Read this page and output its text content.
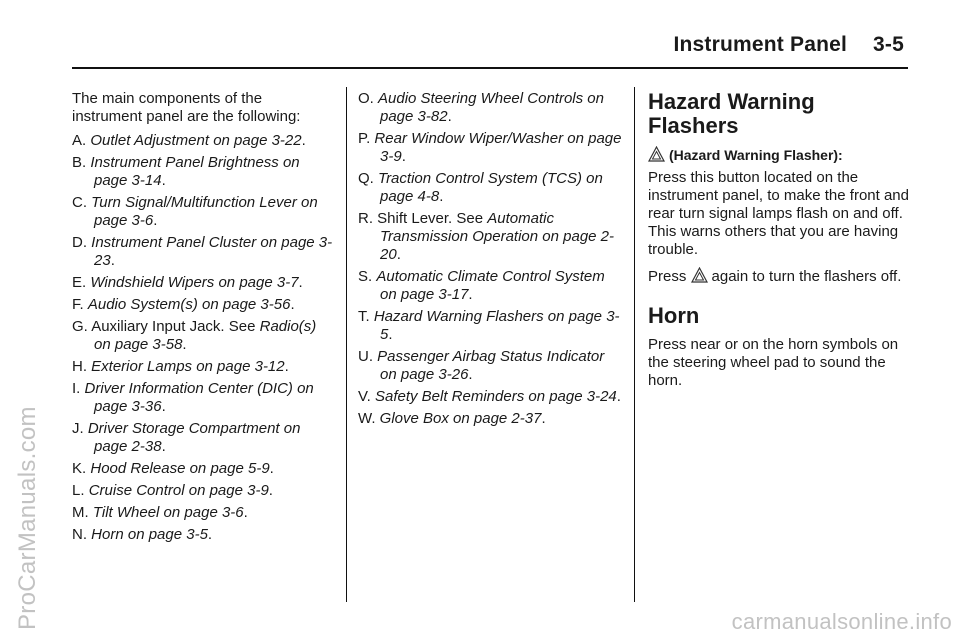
Instrument Panel 3-5
The main components of the instrument panel are the following:
A. Outlet Adjustment on page 3-22.
B. Instrument Panel Brightness on page 3-14.
C. Turn Signal/Multifunction Lever on page 3-6.
D. Instrument Panel Cluster on page 3-23.
E. Windshield Wipers on page 3-7.
F. Audio System(s) on page 3-56.
G. Auxiliary Input Jack. See Radio(s) on page 3-58.
H. Exterior Lamps on page 3-12.
I. Driver Information Center (DIC) on page 3-36.
J. Driver Storage Compartment on page 2-38.
K. Hood Release on page 5-9.
L. Cruise Control on page 3-9.
M. Tilt Wheel on page 3-6.
N. Horn on page 3-5.
O. Audio Steering Wheel Controls on page 3-82.
P. Rear Window Wiper/Washer on page 3-9.
Q. Traction Control System (TCS) on page 4-8.
R. Shift Lever. See Automatic Transmission Operation on page 2-20.
S. Automatic Climate Control System on page 3-17.
T. Hazard Warning Flashers on page 3-5.
U. Passenger Airbag Status Indicator on page 3-26.
V. Safety Belt Reminders on page 3-24.
W. Glove Box on page 2-37.
Hazard Warning Flashers
(Hazard Warning Flasher):

Press this button located on the instrument panel, to make the front and rear turn signal lamps flash on and off. This warns others that you are having trouble.

Press again to turn the flashers off.

Horn

Press near or on the horn symbols on the steering wheel pad to sound the horn.

ProCarManuals.com	carmanualsonline.info
